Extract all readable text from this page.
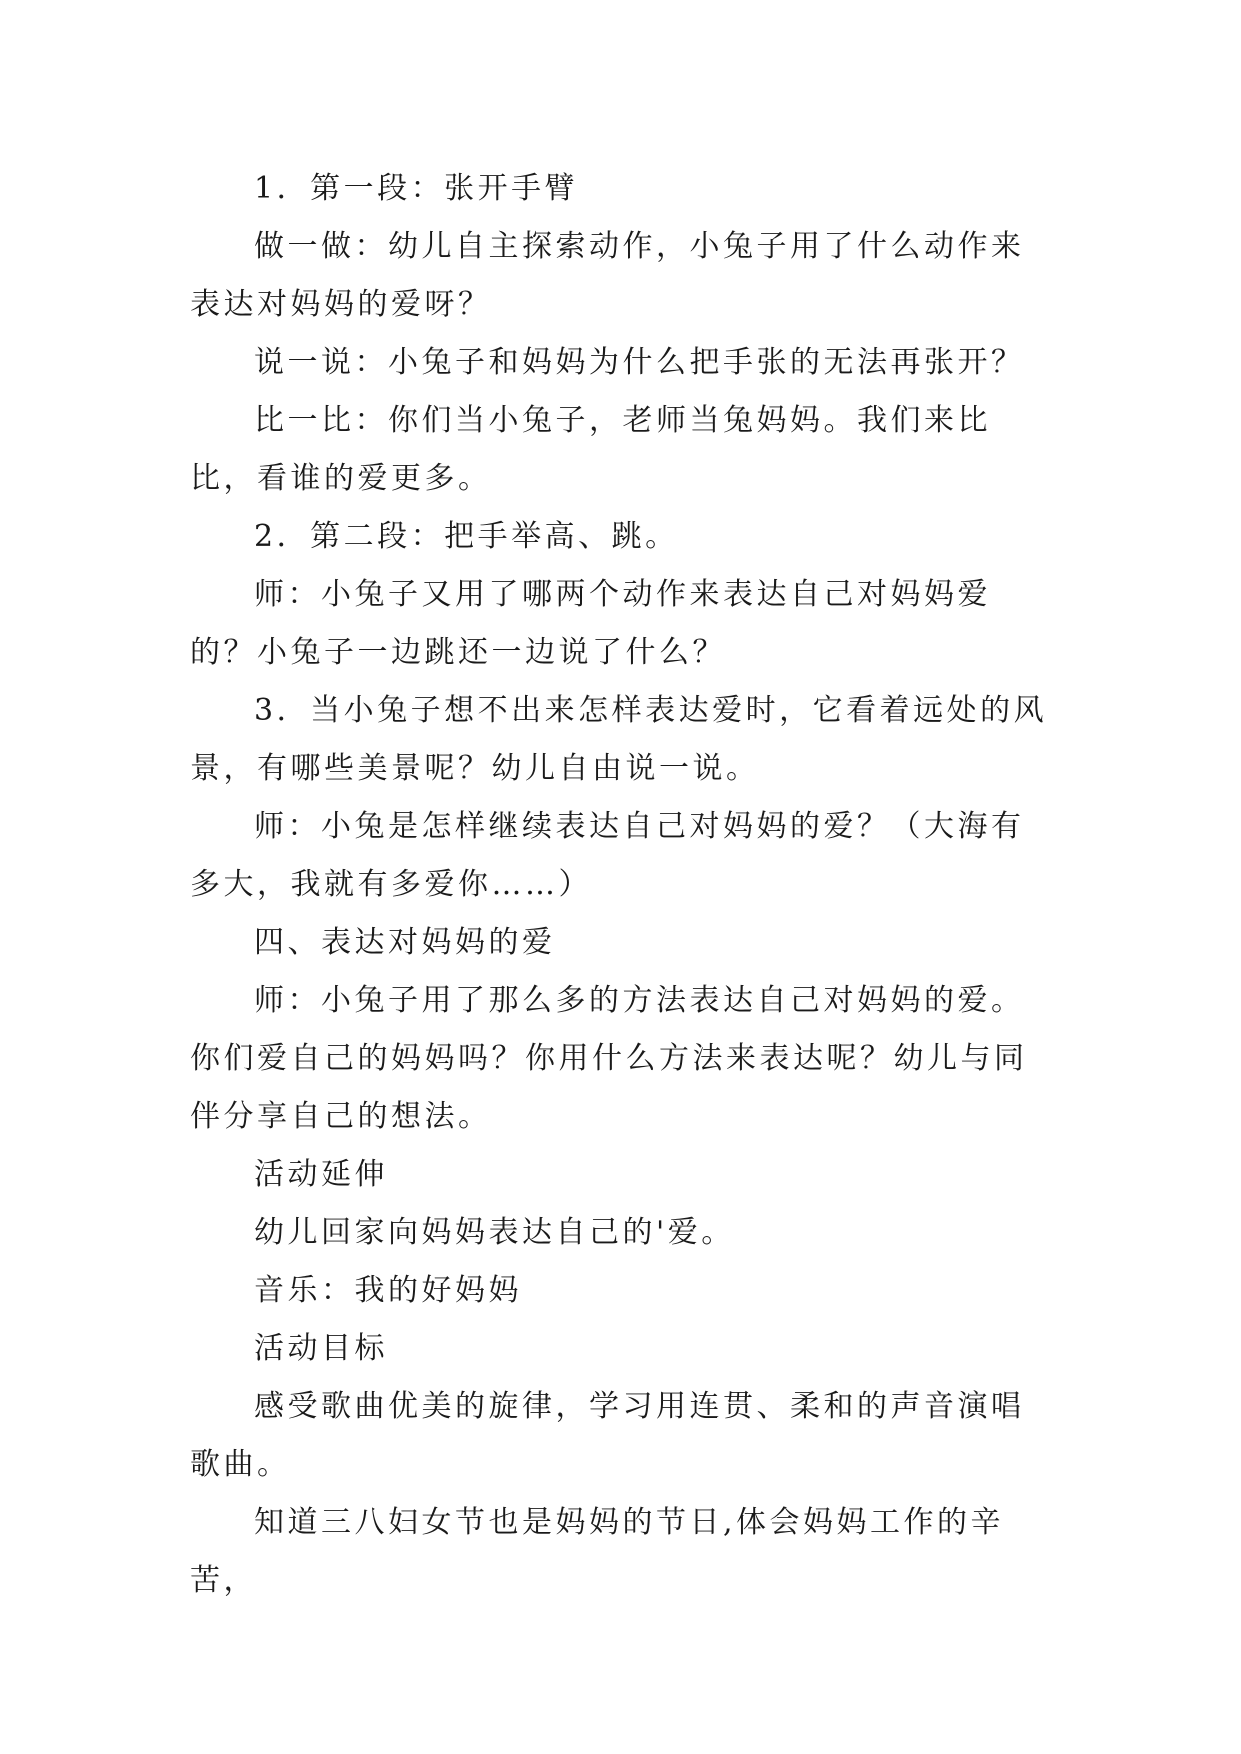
1．第一段：张开手臂

做一做：幼儿自主探索动作，小兔子用了什么动作来表达对妈妈的爱呀？

说一说：小兔子和妈妈为什么把手张的无法再张开？

比一比：你们当小兔子，老师当兔妈妈。我们来比比，看谁的爱更多。

2．第二段：把手举高、跳。

师：小兔子又用了哪两个动作来表达自己对妈妈爱的？小兔子一边跳还一边说了什么？

3．当小兔子想不出来怎样表达爱时，它看着远处的风景，有哪些美景呢？幼儿自由说一说。

师：小兔是怎样继续表达自己对妈妈的爱？（大海有多大，我就有多爱你……）

四、表达对妈妈的爱

师：小兔子用了那么多的方法表达自己对妈妈的爱。你们爱自己的妈妈吗？你用什么方法来表达呢？幼儿与同伴分享自己的想法。

活动延伸

幼儿回家向妈妈表达自己的'爱。

音乐：我的好妈妈

活动目标

感受歌曲优美的旋律，学习用连贯、柔和的声音演唱歌曲。

知道三八妇女节也是妈妈的节日,体会妈妈工作的辛苦，
